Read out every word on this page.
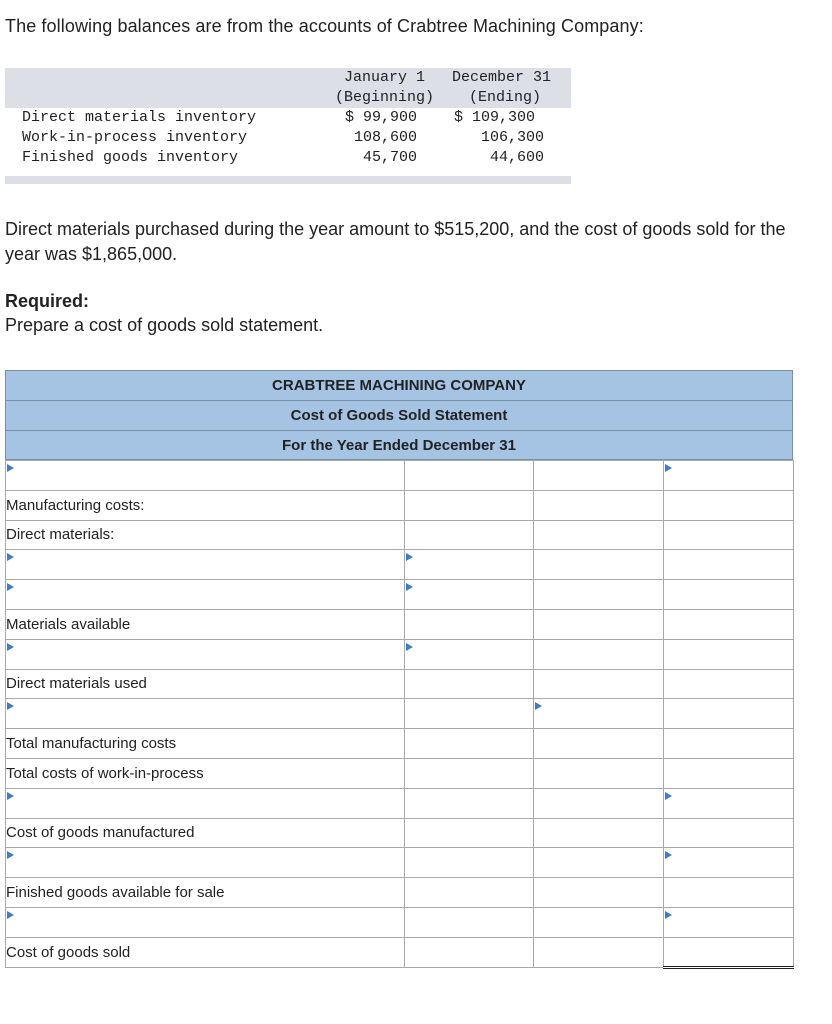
The following balances are from the accounts of Crabtree Machining Company:
January 1
(Beginning)
December 31
(Ending)
Direct materials inventory	$ 99,900 $ 109,300
Work-in-process inventory	108,600	106,300
Finished goods inventory	45,700	44,600
Direct materials purchased during the year amount to $515,200, and the cost of goods sold for the year was $1,865,000.
Required:
Prepare a cost of goods sold statement.
CRABTREE MACHINING COMPANY
Cost of Goods Sold Statement
For the Year Ended December 31

Manufacturing costs:			
Direct materials:			

Materials available			

Direct materials used			

Total manufacturing costs			
Total costs of work-in-process			

Cost of goods manufactured			

Finished goods available for sale			

Cost of goods sold			
